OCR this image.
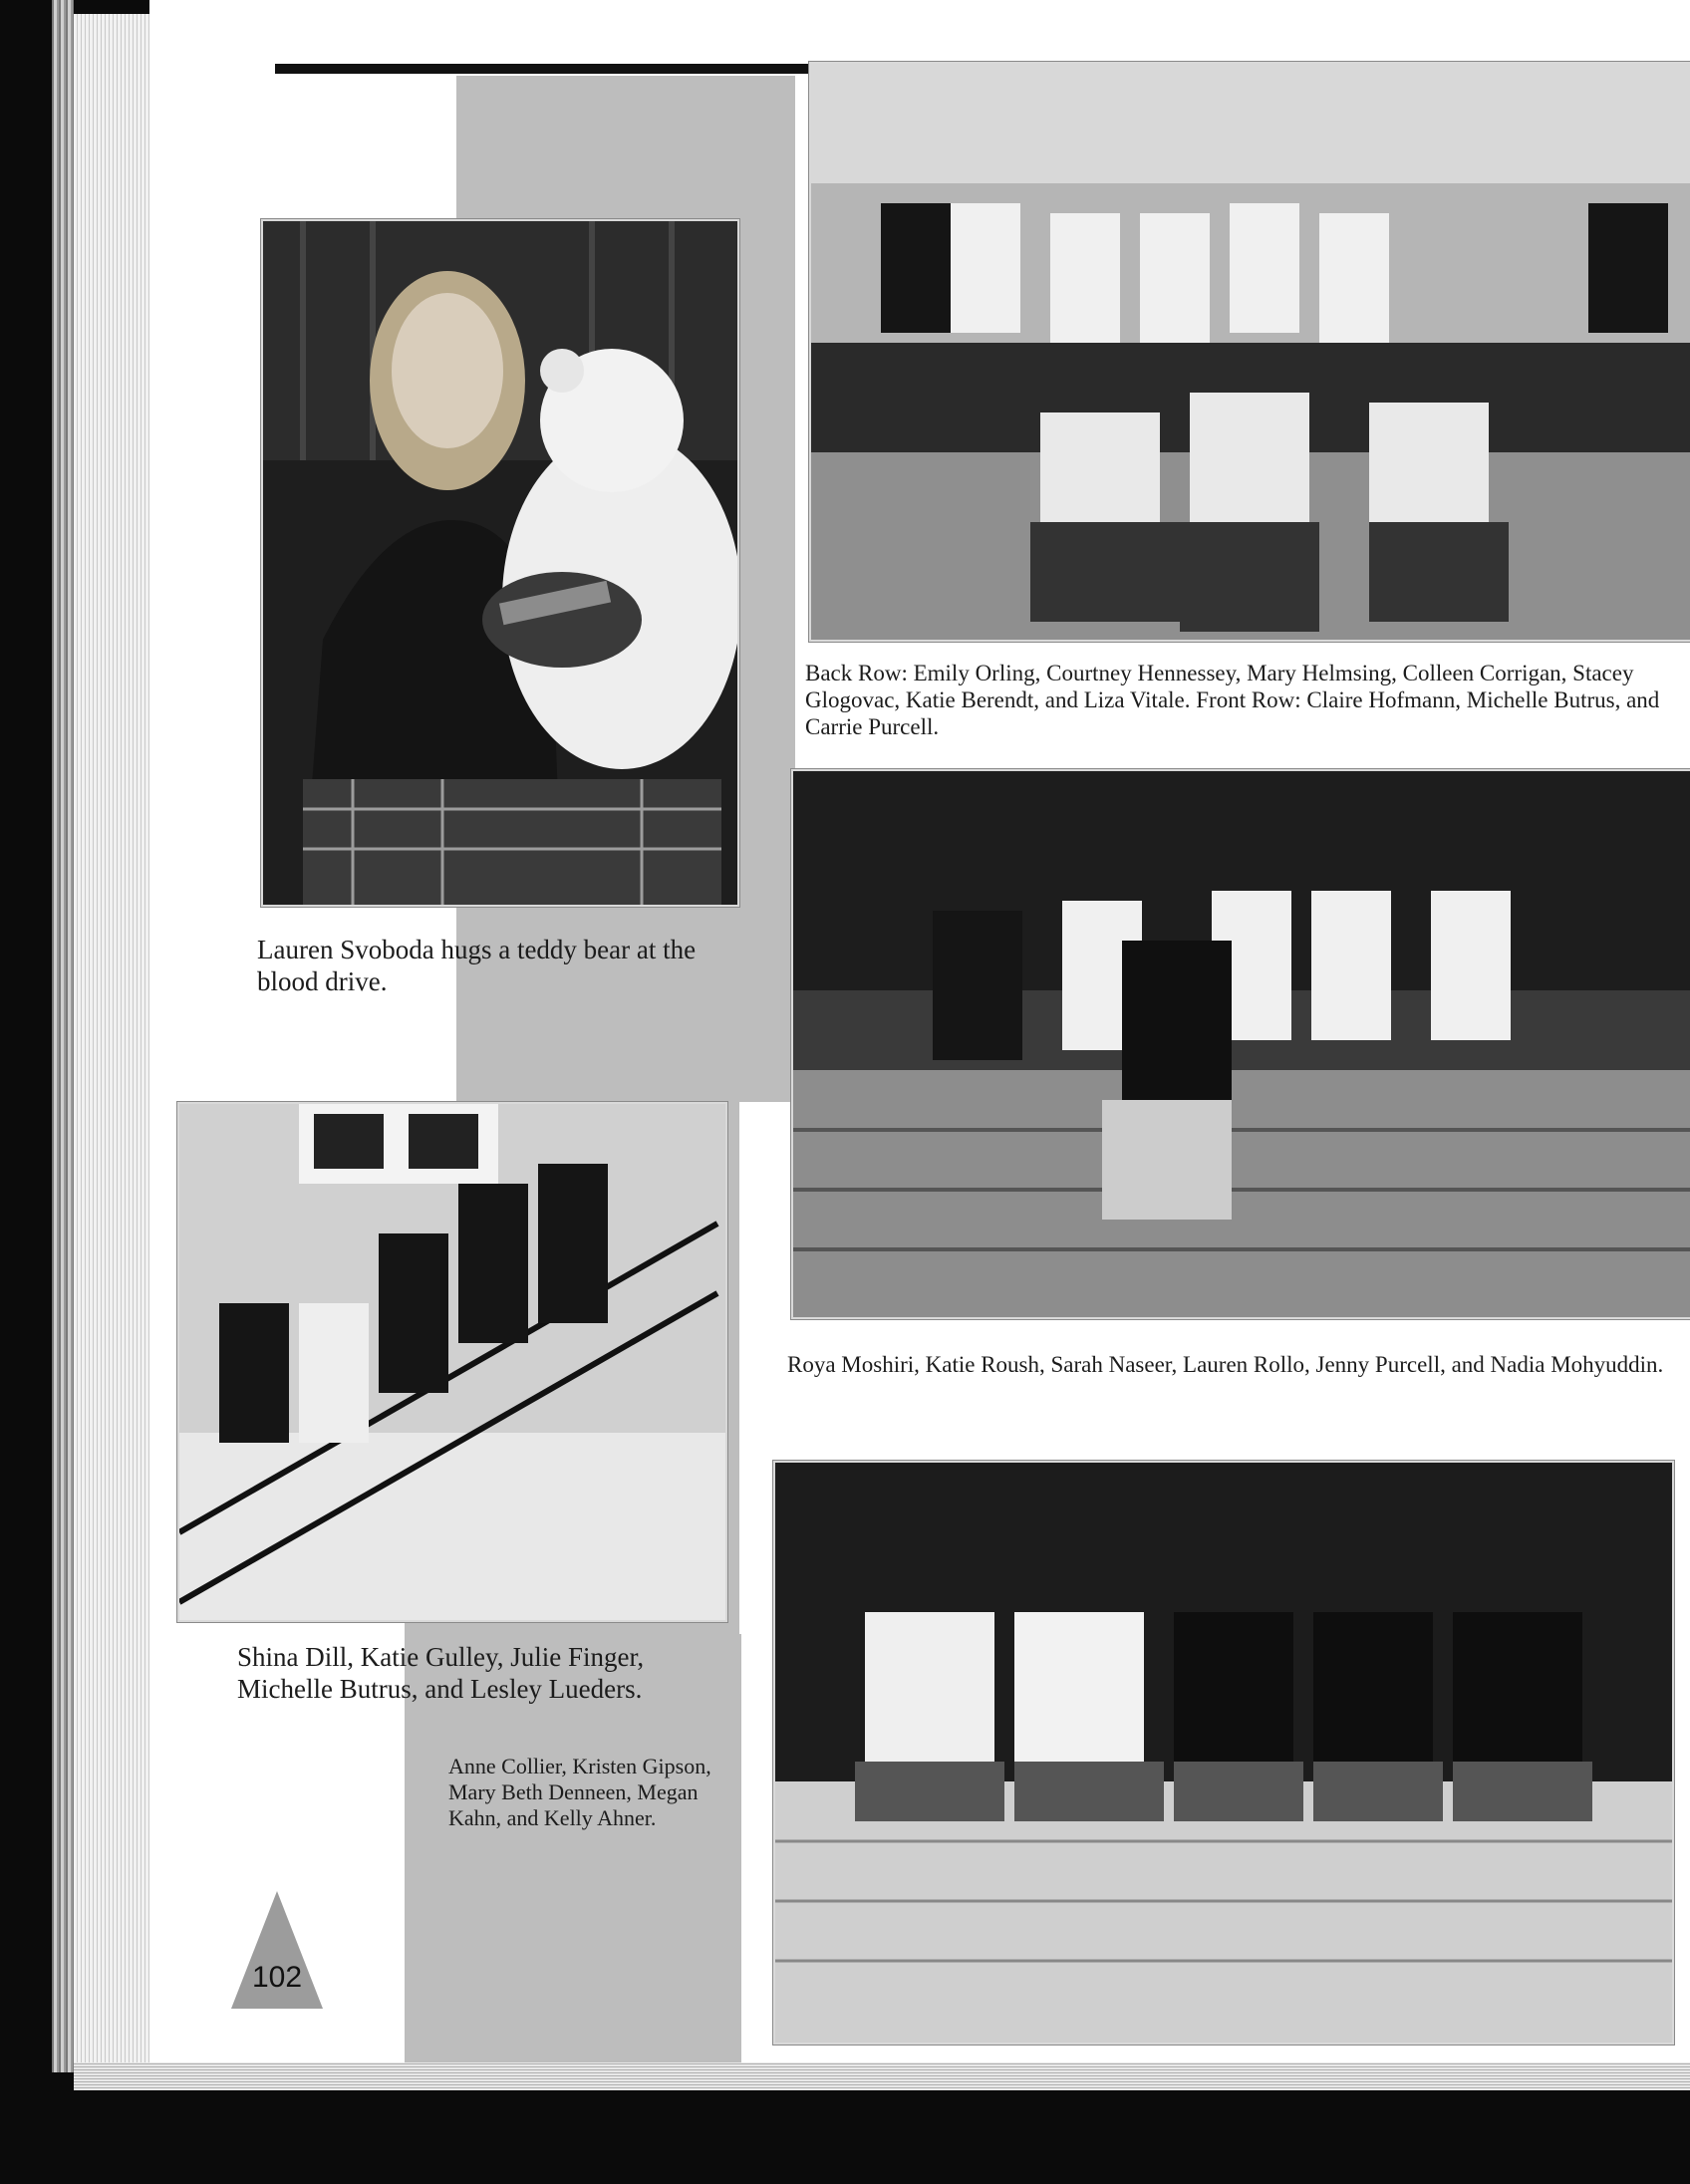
Lauren Svoboda hugs a teddy bear at the blood drive.

Back Row: Emily Orling, Courtney Hennessey, Mary Helmsing, Colleen Corrigan, Stacey Glogovac, Katie Berendt, and Liza Vitale. Front Row: Claire Hofmann, Michelle Butrus, and Carrie Purcell.

Roya Moshiri, Katie Roush, Sarah Naseer, Lauren Rollo, Jenny Purcell, and Nadia Mohyuddin.

Shina Dill, Katie Gulley, Julie Finger, Michelle Butrus, and Lesley Lueders.

Anne Collier, Kristen Gipson, Mary Beth Denneen, Megan Kahn, and Kelly Ahner.

102
